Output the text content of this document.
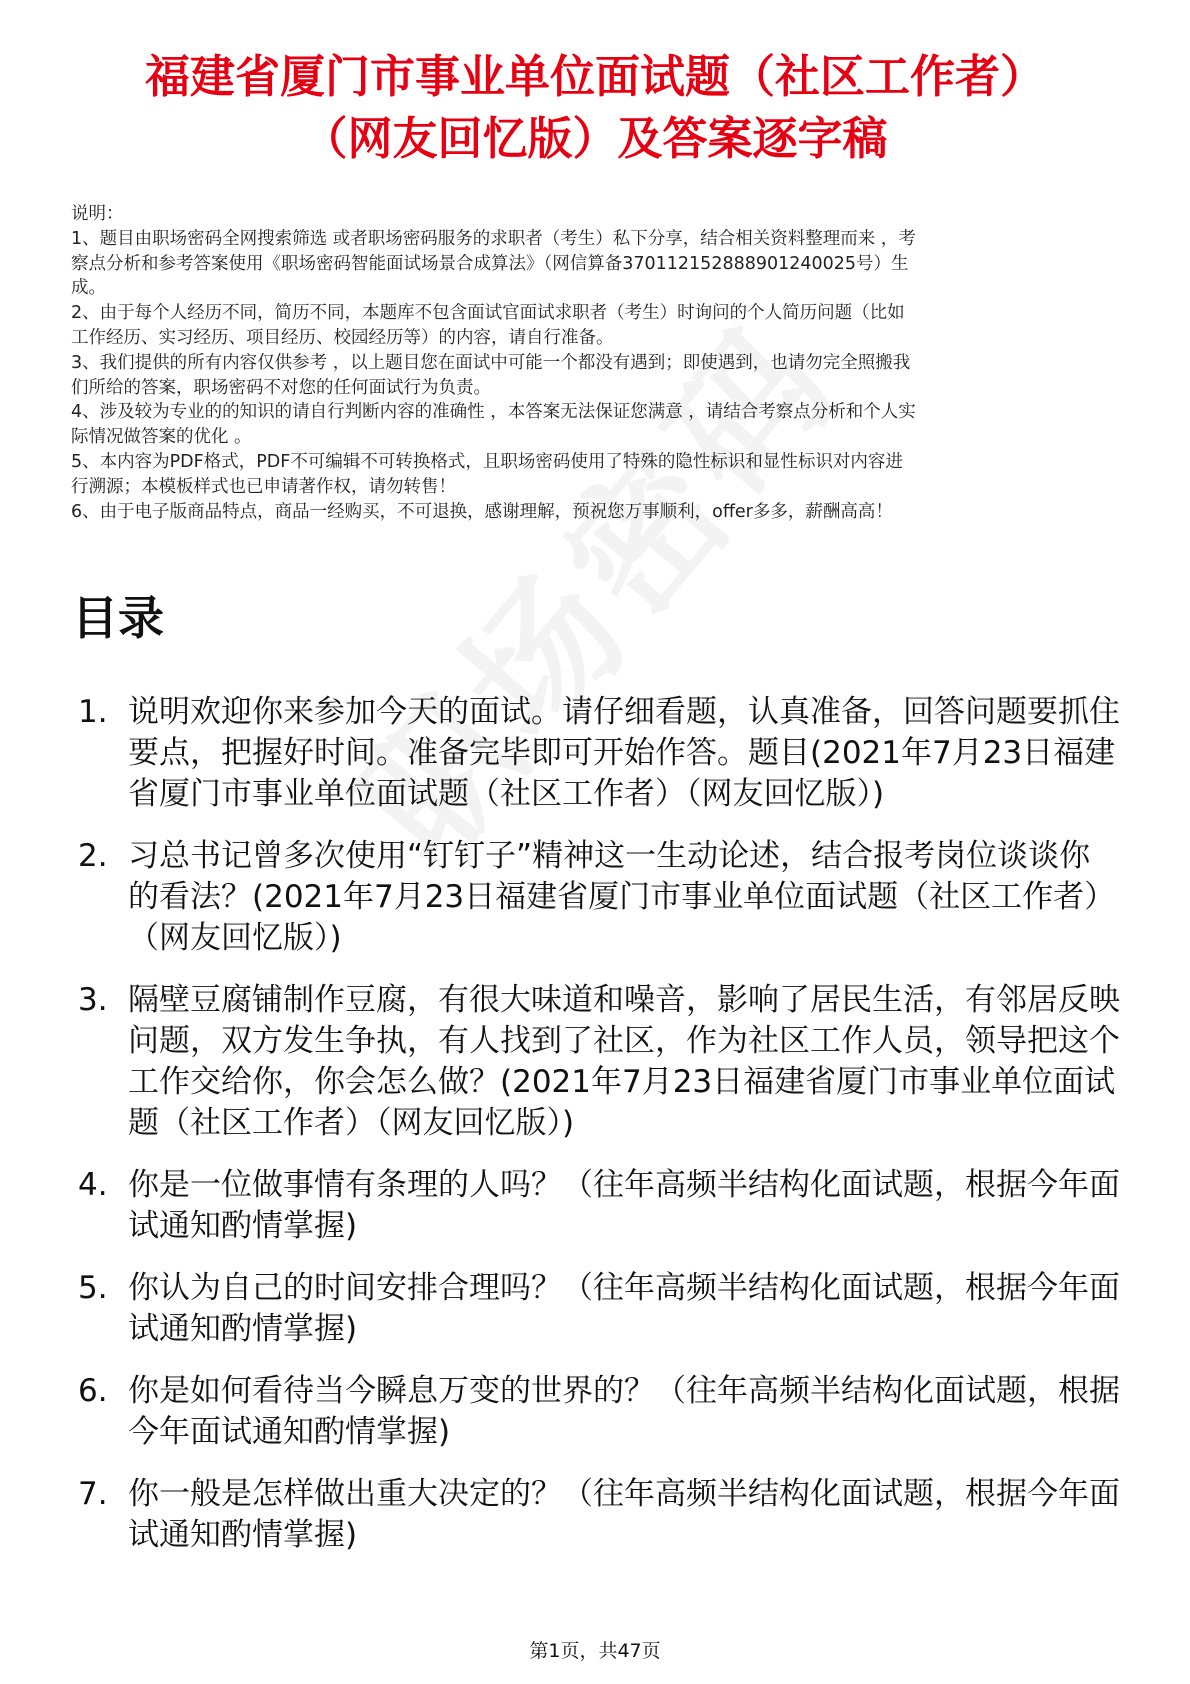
福建省厦门市事业单位面试题（社区工作者）
（网友回忆版）及答案逐字稿
说明：
1、题目由职场密码全网搜索筛选 或者职场密码服务的求职者（考生）私下分享，结合相关资料整理而来 ，考
察点分析和参考答案使用《职场密码智能面试场景合成算法》（网信算备370112152888901240025号）生
成。
2、由于每个人经历不同，简历不同，本题库不包含面试官面试求职者（考生）时询问的个人简历问题（比如
工作经历、实习经历、项目经历、校园经历等）的内容，请自行准备。
3、我们提供的所有内容仅供参考 ，以上题目您在面试中可能一个都没有遇到；即使遇到，也请勿完全照搬我
们所给的答案，职场密码不对您的任何面试行为负责。
4、涉及较为专业的的知识的请自行判断内容的准确性 ，本答案无法保证您满意 ，请结合考察点分析和个人实
际情况做答案的优化 。
5、本内容为PDF格式，PDF不可编辑不可转换格式，且职场密码使用了特殊的隐性标识和显性标识对内容进
行溯源；本模板样式也已申请著作权，请勿转售！
6、由于电子版商品特点，商品一经购买，不可退换，感谢理解，预祝您万事顺利，offer多多，薪酬高高！
目录
1. 说明欢迎你来参加今天的面试。请仔细看题，认真准备，回答问题要抓住要点，把握好时间。准备完毕即可开始作答。题目(2021年7月23日福建省厦门市事业单位面试题（社区工作者）（网友回忆版）)
2. 习总书记曾多次使用“钉钉子”精神这一生动论述，结合报考岗位谈谈你的看法？(2021年7月23日福建省厦门市事业单位面试题（社区工作者）（网友回忆版）)
3. 隔壁豆腐铺制作豆腐，有很大味道和噪音，影响了居民生活，有邻居反映问题，双方发生争执，有人找到了社区，作为社区工作人员，领导把这个工作交给你，你会怎么做？(2021年7月23日福建省厦门市事业单位面试题（社区工作者）（网友回忆版）)
4. 你是一位做事情有条理的人吗？（往年高频半结构化面试题，根据今年面试通知酌情掌握)
5. 你认为自己的时间安排合理吗？（往年高频半结构化面试题，根据今年面试通知酌情掌握)
6. 你是如何看待当今瞬息万变的世界的？（往年高频半结构化面试题，根据今年面试通知酌情掌握)
7. 你一般是怎样做出重大决定的？（往年高频半结构化面试题，根据今年面试通知酌情掌握)
第1页，共47页
